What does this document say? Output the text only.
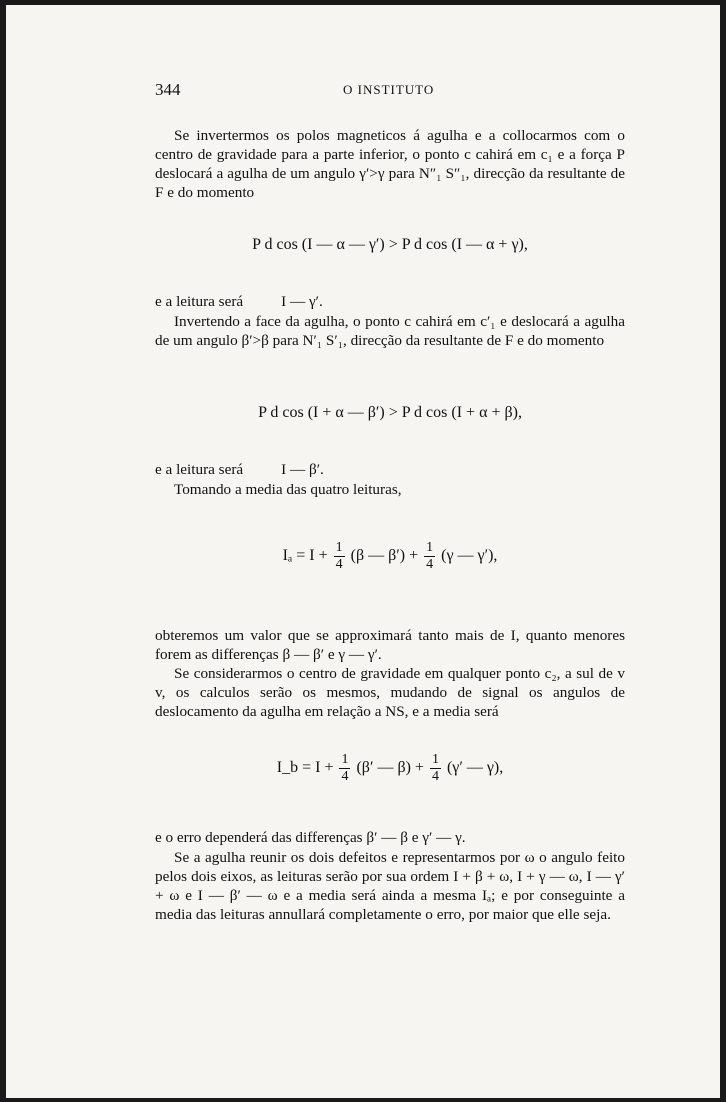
344	O INSTITUTO

Se invertermos os polos magneticos á agulha e a collocarmos com o centro de gravidade para a parte inferior, o ponto c cahirá em c₁ e a força P deslocará a agulha de um angulo γ′>γ para N″₁ S″₁, direcção da resultante de F e do momento

P d cos (I — α — γ′) > P d cos (I — α + γ),

e a leitura será	I — γ′.

Invertendo a face da agulha, o ponto c cahirá em c′₁ e deslocará a agulha de um angulo β′>β para N′₁ S′₁, direcção da resultante de F e do momento

P d cos (I + α — β′) > P d cos (I + α + β),

e a leitura será	I — β′.

Tomando a media das quatro leituras,

$I_a = I + \frac{1}{4} (\beta$ — $\beta') + \frac{1}{4} (\gamma$ — γ′),

obteremos um valor que se approximará tanto mais de I, quanto menores forem as differenças β — β′ e γ — γ′.

Se considerarmos o centro de gravidade em qualquer ponto c₂, a sul de v v, os calculos serão os mesmos, mudando de signal os angulos de deslocamento da agulha em relação a NS, e a media será

I_b = $I + \frac{1}{4} (\beta'$ — $\beta) + \frac{1}{4} (\gamma'$ — γ),

e o erro dependerá das differenças β′ — β e γ′ — γ.

Se a agulha reunir os dois defeitos e representarmos por ω o angulo feito pelos dois eixos, as leituras serão por sua ordem I + β + ω, I + γ — ω, I — γ′ + ω e I — β′ — ω e a media será ainda a mesma Iₐ; e por conseguinte a media das leituras annullará completamente o erro, por maior que elle seja.
